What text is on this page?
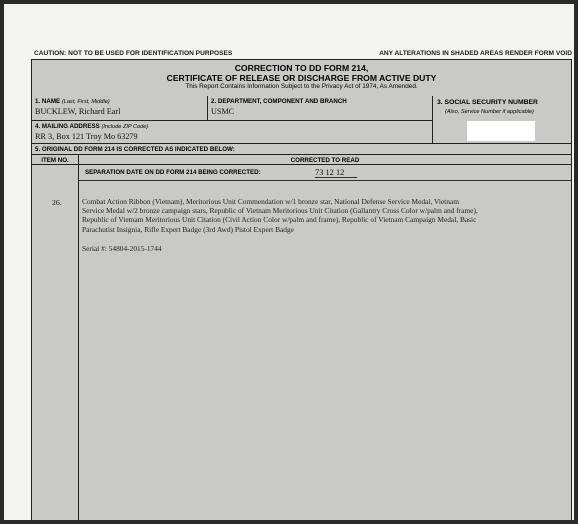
CAUTION: NOT TO BE USED FOR IDENTIFICATION PURPOSES	ANY ALTERATIONS IN SHADED AREAS RENDER FORM VOID
CORRECTION TO DD FORM 214,
CERTIFICATE OF RELEASE OR DISCHARGE FROM ACTIVE DUTY
This Report Contains Information Subject to the Privacy Act of 1974, As Amended.
1. NAME (Last, First, Middle)
BUCKLEW, Richard Earl
2. DEPARTMENT, COMPONENT AND BRANCH
USMC
3. SOCIAL SECURITY NUMBER
(Also, Service Number if applicable)
4. MAILING ADDRESS (Include ZIP Code)
RR 3, Box 121 Troy Mo 63279
5. ORIGINAL DD FORM 214 IS CORRECTED AS INDICATED BELOW:
ITEM NO.	CORRECTED TO READ
SEPARATION DATE ON DD FORM 214 BEING CORRECTED:	73 12 12
26.	Combat Action Ribbon (Vietnam), Meritorious Unit Commendation w/1 bronze star, National Defense Service Medal, Vietnam
Service Medal w/2 bronze campaign stars, Republic of Vietnam Meritorious Unit Citation (Gallantry Cross Color w/palm and frame),
Republic of Vietnam Meritorious Unit Citation (Civil Action Color w/palm and frame), Republic of Vietnam Campaign Medal, Basic
Parachutist Insignia, Rifle Expert Badge (3rd Awd) Pistol Expert Badge
Serial #: 54804-2015-1744
